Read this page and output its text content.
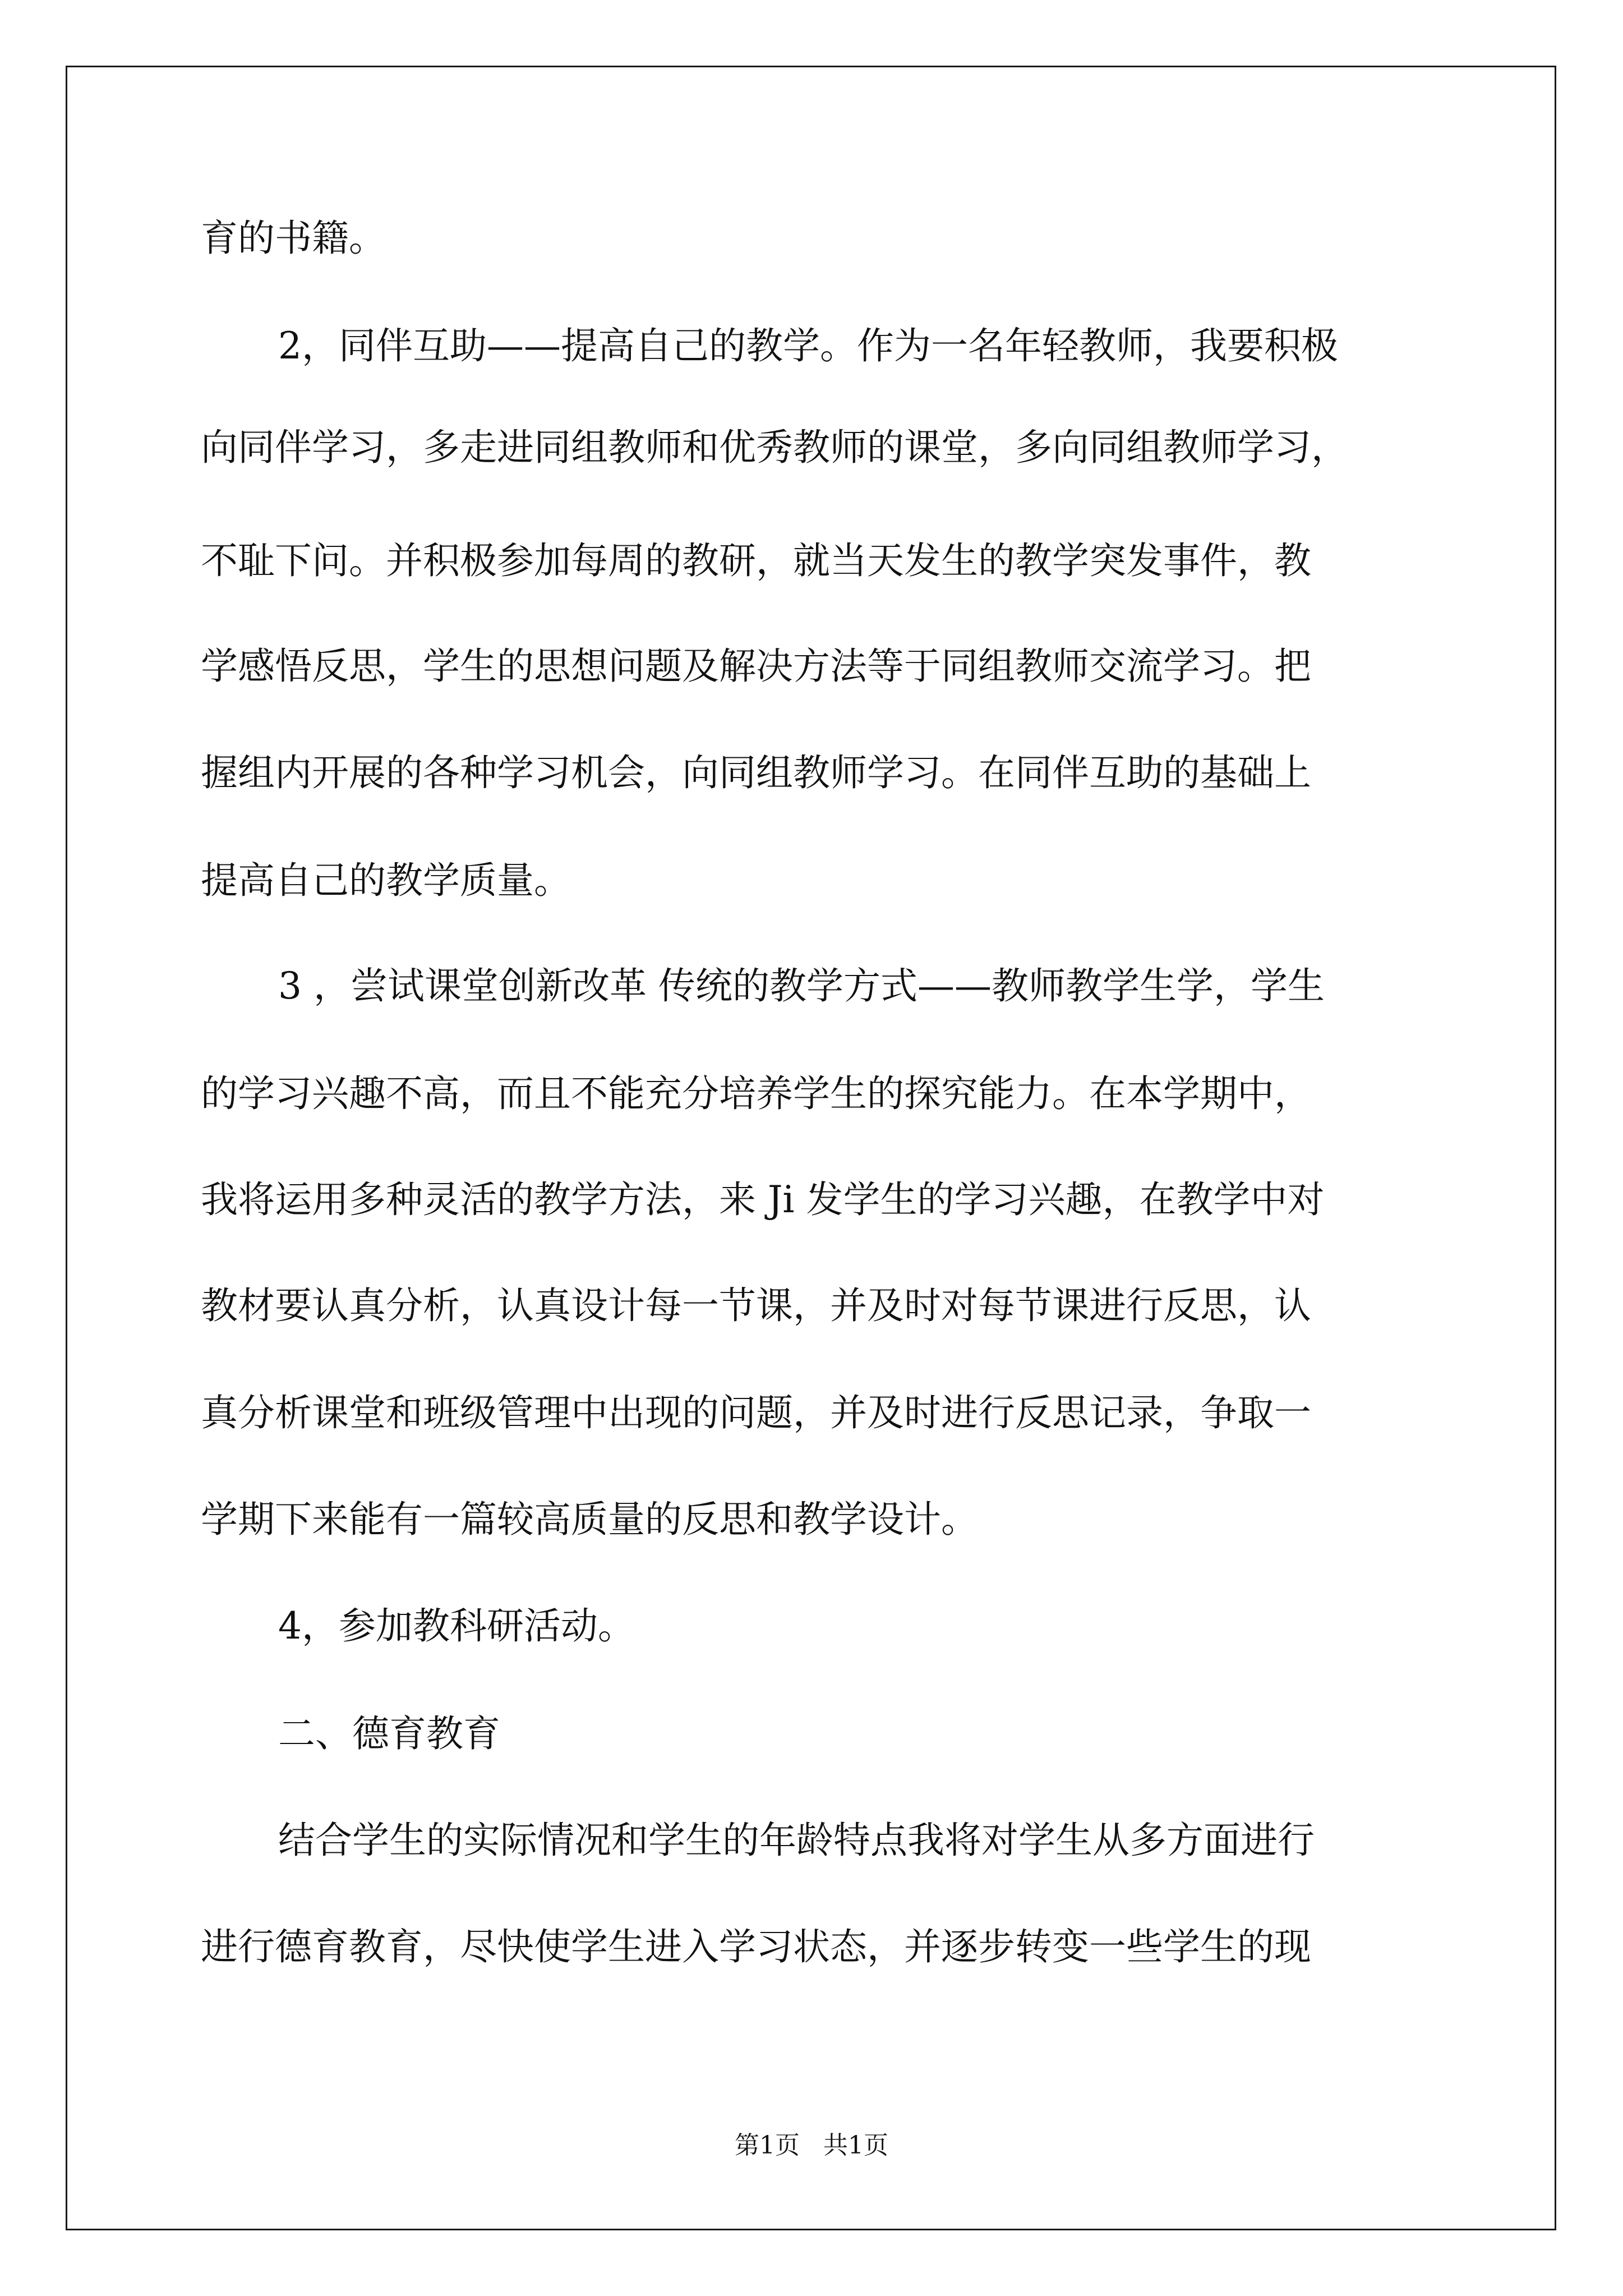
育的书籍。

2，同伴互助——提高自己的教学。作为一名年轻教师，我要积极

向同伴学习，多走进同组教师和优秀教师的课堂，多向同组教师学习，

不耻下问。并积极参加每周的教研，就当天发生的教学突发事件，教

学感悟反思，学生的思想问题及解决方法等于同组教师交流学习。把

握组内开展的各种学习机会，向同组教师学习。在同伴互助的基础上

提高自己的教学质量。

3 ，尝试课堂创新改革 传统的教学方式——教师教学生学，学生

的学习兴趣不高，而且不能充分培养学生的探究能力。在本学期中，

我将运用多种灵活的教学方法，来 Ji 发学生的学习兴趣，在教学中对

教材要认真分析，认真设计每一节课，并及时对每节课进行反思，认

真分析课堂和班级管理中出现的问题，并及时进行反思记录，争取一

学期下来能有一篇较高质量的反思和教学设计。

4，参加教科研活动。

二、德育教育

结合学生的实际情况和学生的年龄特点我将对学生从多方面进行

进行德育教育，尽快使学生进入学习状态，并逐步转变一些学生的现

第1页   共1页
